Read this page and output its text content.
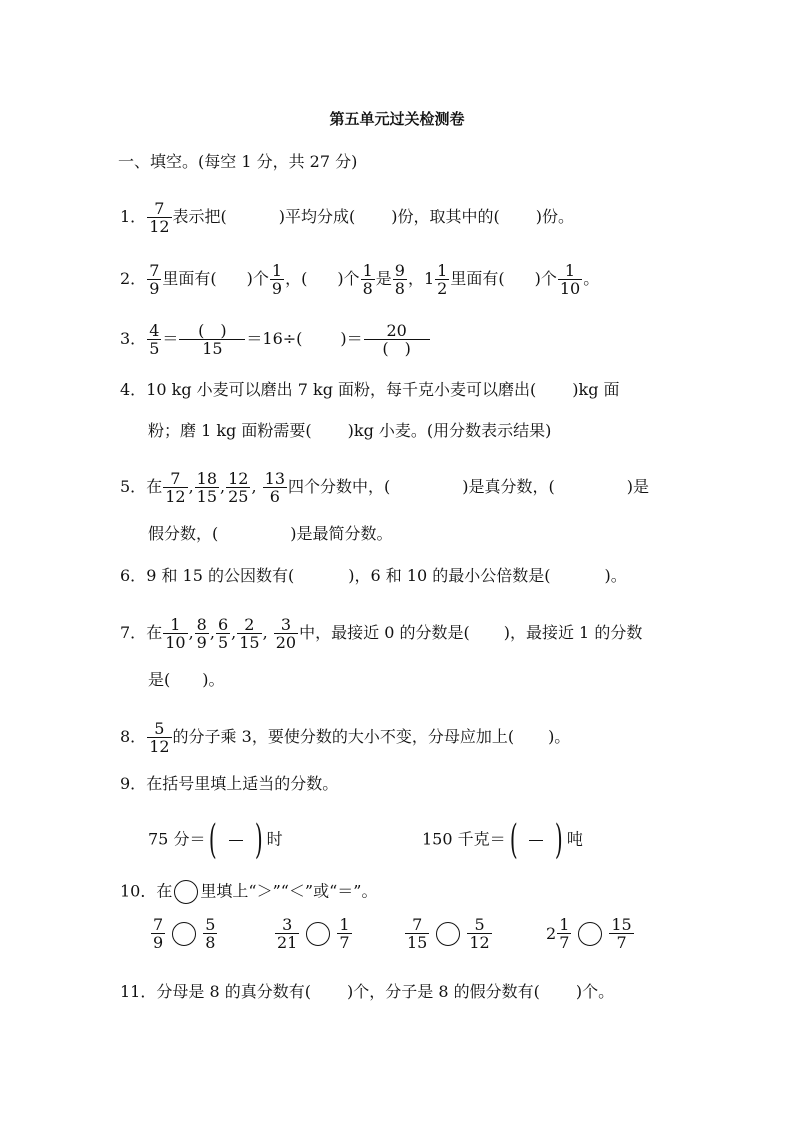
第五单元过关检测卷
一、填空。(每空 1 分，共 27 分)
1． $\frac{7}{12}$ 表示把(	)平均分成( )份，取其中的( )份。
2． $\frac{7}{9}$ 里面有( )个 $\frac{1}{9}$ ，( )个 $\frac{1}{8}$ 是 $\frac{9}{8}$ ，$1 \frac{1}{2}$ 里面有( )个 $\frac{1}{10}$ 。
3． $\frac{4}{5} = \frac{( )}{15} =16\div$( )＝ $\frac{20}{( )}$
4．10 kg 小麦可以磨出 7 kg 面粉，每千克小麦可以磨出( )kg 面
粉；磨 1 kg 面粉需要( )kg 小麦。(用分数表示结果)
5．在 $\frac{7}{12}$ , $\frac{18}{15}$ , $\frac{12}{25}$ , $\frac{13}{6}$ 四个分数中，(	)是真分数，(	)是
假分数，(	)是最简分数。
6．9 和 15 的公因数有(	)，6 和 10 的最小公倍数是(	)。
7．在 $\frac{1}{10}$ , $\frac{8}{9}$ , $\frac{6}{5}$ , $\frac{2}{15}$ , $\frac{3}{20}$ 中，最接近 0 的分数是( )，最接近 1 的分数
是( )。
8． $\frac{5}{12}$ 的分子乘 3，要使分数的大小不变，分母应加上( )。
9．在括号里填上适当的分数。
75 分＝( ) 时	150 千克＝( ) 吨
10．在 里填上“＞”“＜”或“＝”。
$\frac{7}{9} \frac{5}{8}$	$\frac{3}{21} \frac{1}{7}$	$\frac{7}{15} \frac{5}{12}$	$2 \frac{1}{7} \frac{15}{7}$
11．分母是 8 的真分数有( )个，分子是 8 的假分数有( )个。
